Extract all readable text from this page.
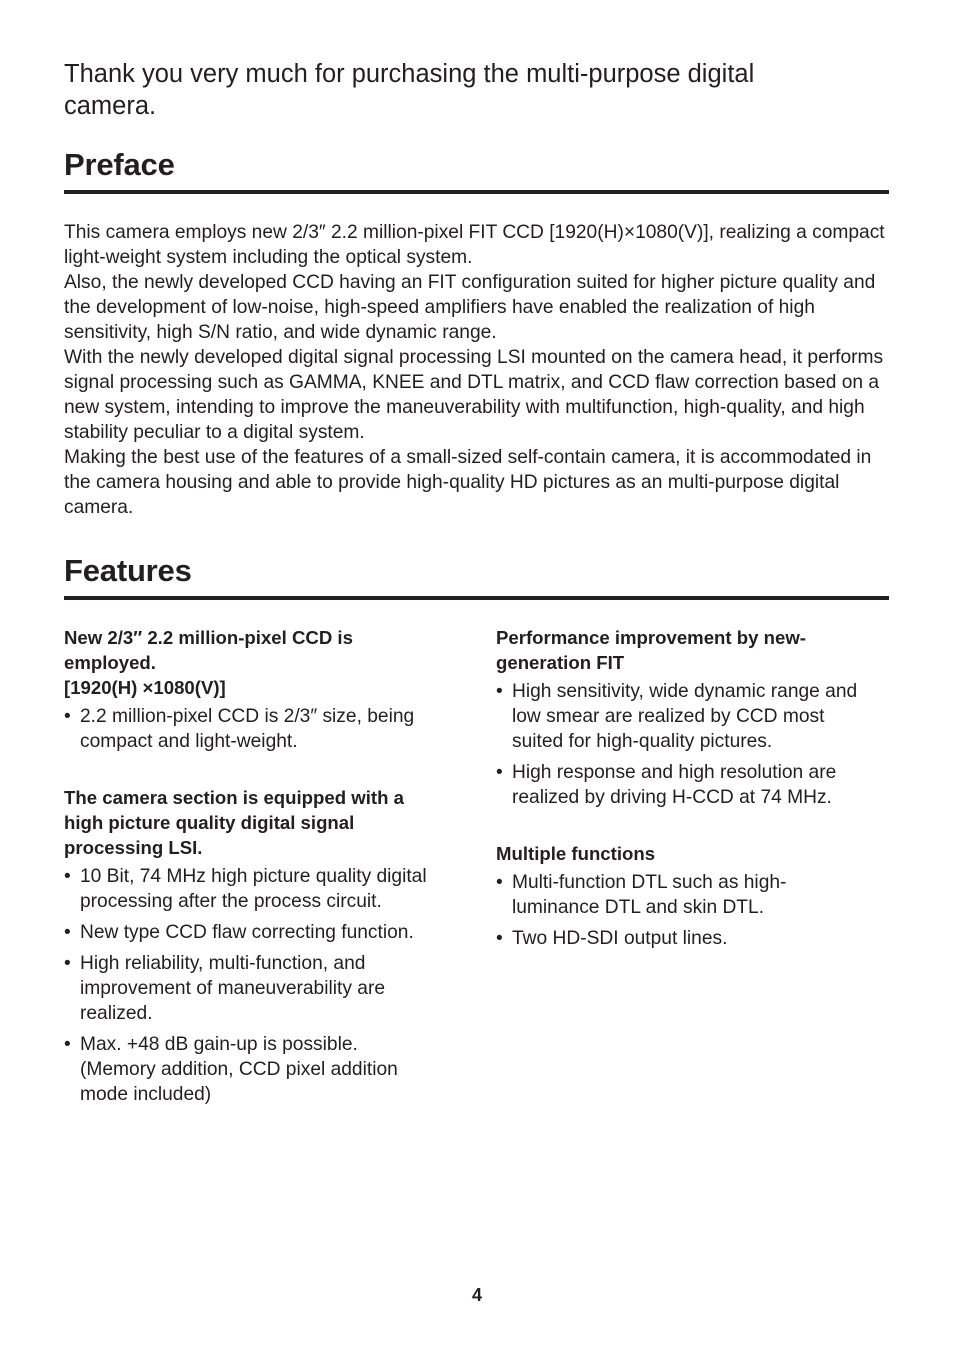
Thank you very much for purchasing the multi-purpose digital
camera.

Preface

This camera employs new 2/3″ 2.2 million-pixel FIT CCD [1920(H)×1080(V)], realizing a compact light-weight system including the optical system.

Also, the newly developed CCD having an FIT configuration suited for higher picture quality and the development of low-noise, high-speed amplifiers have enabled the realization of high sensitivity, high S/N ratio, and wide dynamic range.

With the newly developed digital signal processing LSI mounted on the camera head, it performs signal processing such as GAMMA, KNEE and DTL matrix, and CCD flaw correction based on a new system, intending to improve the maneuverability with multifunction, high-quality, and high stability peculiar to a digital system.

Making the best use of the features of a small-sized self-contain camera, it is accommodated in the camera housing and able to provide high-quality HD pictures as an multi-purpose digital camera.

Features
New 2/3″ 2.2 million-pixel CCD is
employed.
[1920(H) ×1080(V)]
• 2.2 million-pixel CCD is 2/3″ size, being
compact and light-weight.
The camera section is equipped with a
high picture quality digital signal
processing LSI.
• 10 Bit, 74 MHz high picture quality digital
processing after the process circuit.
• New type CCD flaw correcting function.
• High reliability, multi-function, and
improvement of maneuverability are
realized.
• Max. +48 dB gain-up is possible.
(Memory addition, CCD pixel addition
mode included)
Performance improvement by new-
generation FIT
• High sensitivity, wide dynamic range and
low smear are realized by CCD most
suited for high-quality pictures.
• High response and high resolution are
realized by driving H-CCD at 74 MHz.
Multiple functions
• Multi-function DTL such as high-
luminance DTL and skin DTL.
• Two HD-SDI output lines.
4
